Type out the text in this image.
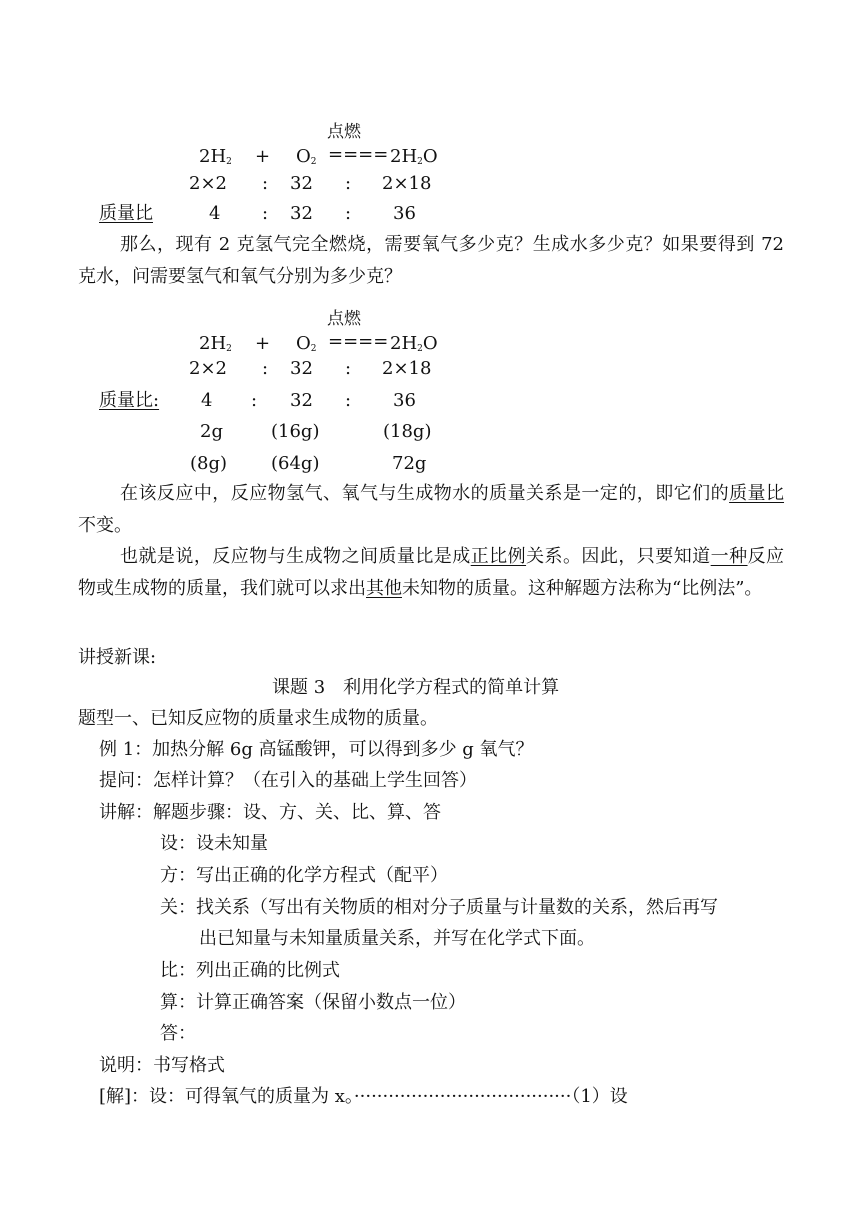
点燃
$2H_2 + O_2$ ==== $2H_2O$
2×2 : 32 : 2×18
质量比	4 : 32 : 36
那么，现有 2 克氢气完全燃烧，需要氧气多少克？生成水多少克？如果要得到 72 克水，问需要氢气和氧气分别为多少克？
点燃
$2H_2 + O_2$ ==== $2H_2O$
2×2 : 32 : 2×18
质量比: 4 : 32 : 36
2g	(16g)	(18g)
(8g) (64g)	72g
在该反应中，反应物氢气、氧气与生成物水的质量关系是一定的，即它们的质量比不变。
也就是说，反应物与生成物之间质量比是成正比例关系。因此，只要知道一种反应物或生成物的质量，我们就可以求出其他未知物的质量。这种解题方法称为“比例法”。
讲授新课:
课题 3　利用化学方程式的简单计算
题型一、已知反应物的质量求生成物的质量。
例 1：加热分解 6g 高锰酸钾，可以得到多少 g 氧气？
提问：怎样计算？（在引入的基础上学生回答）
讲解：解题步骤：设、方、关、比、算、答
设：设未知量
方：写出正确的化学方程式（配平）
关：找关系（写出有关物质的相对分子质量与计量数的关系，然后再写
出已知量与未知量质量关系，并写在化学式下面。
比：列出正确的比例式
算：计算正确答案（保留小数点一位）
答：
说明：书写格式
[解]：设：可得氧气的质量为 x。······································（1）设
